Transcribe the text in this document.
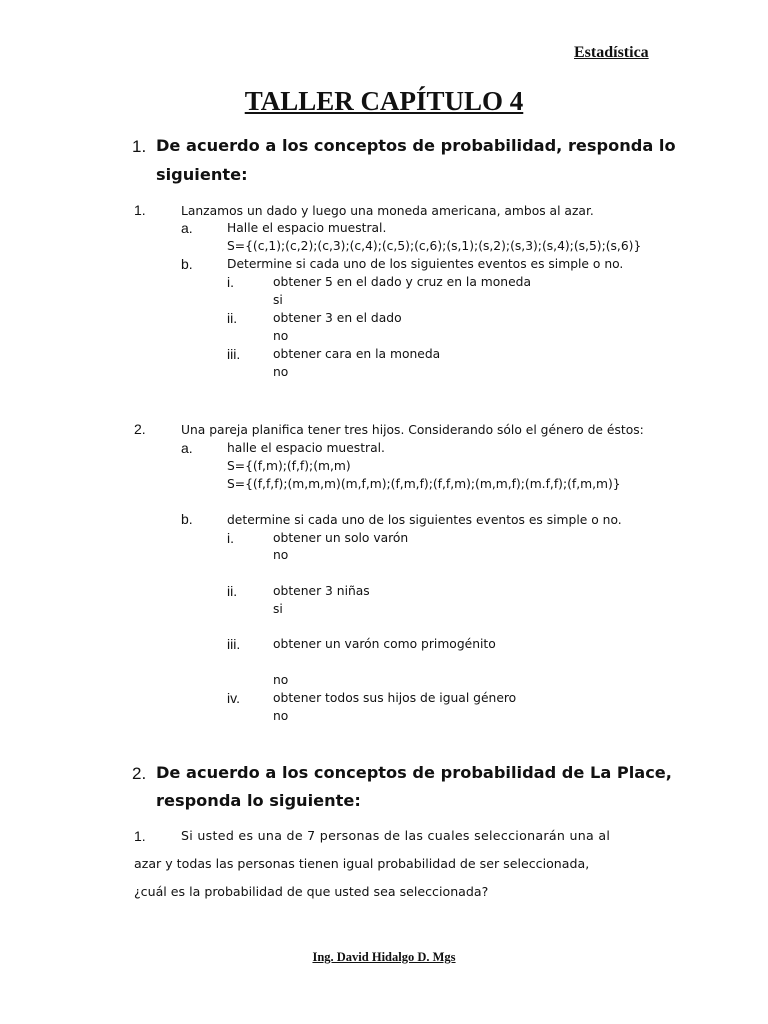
Estadística
TALLER CAPÍTULO 4
1. De acuerdo a los conceptos de probabilidad, responda lo
siguiente:
1.	Lanzamos un dado y luego una moneda americana, ambos al azar.
a.	Halle el espacio muestral.
S={(c,1);(c,2);(c,3);(c,4);(c,5);(c,6);(s,1);(s,2);(s,3);(s,4);(s,5);(s,6)}
b.	Determine si cada uno de los siguientes eventos es simple o no.
i.	obtener 5 en el dado y cruz en la moneda
si
ii.	obtener 3 en el dado
no
iii.	obtener cara en la moneda
no
2.	Una pareja planifica tener tres hijos. Considerando sólo el género de éstos:
a.	halle el espacio muestral.
S={(f,m);(f,f);(m,m)
S={(f,f,f);(m,m,m)(m,f,m);(f,m,f);(f,f,m);(m,m,f);(m.f,f);(f,m,m)}
b.	determine si cada uno de los siguientes eventos es simple o no.
i.	obtener un solo varón
no
ii.	obtener 3 niñas
si
iii.	obtener un varón como primogénito
no
iv.	obtener todos sus hijos de igual género
no
2. De acuerdo a los conceptos de probabilidad de La Place,
responda lo siguiente:
1.	Si usted es una de 7 personas de las cuales seleccionarán una al
azar y todas las personas tienen igual probabilidad de ser seleccionada,
¿cuál es la probabilidad de que usted sea seleccionada?
Ing. David Hidalgo D. Mgs
